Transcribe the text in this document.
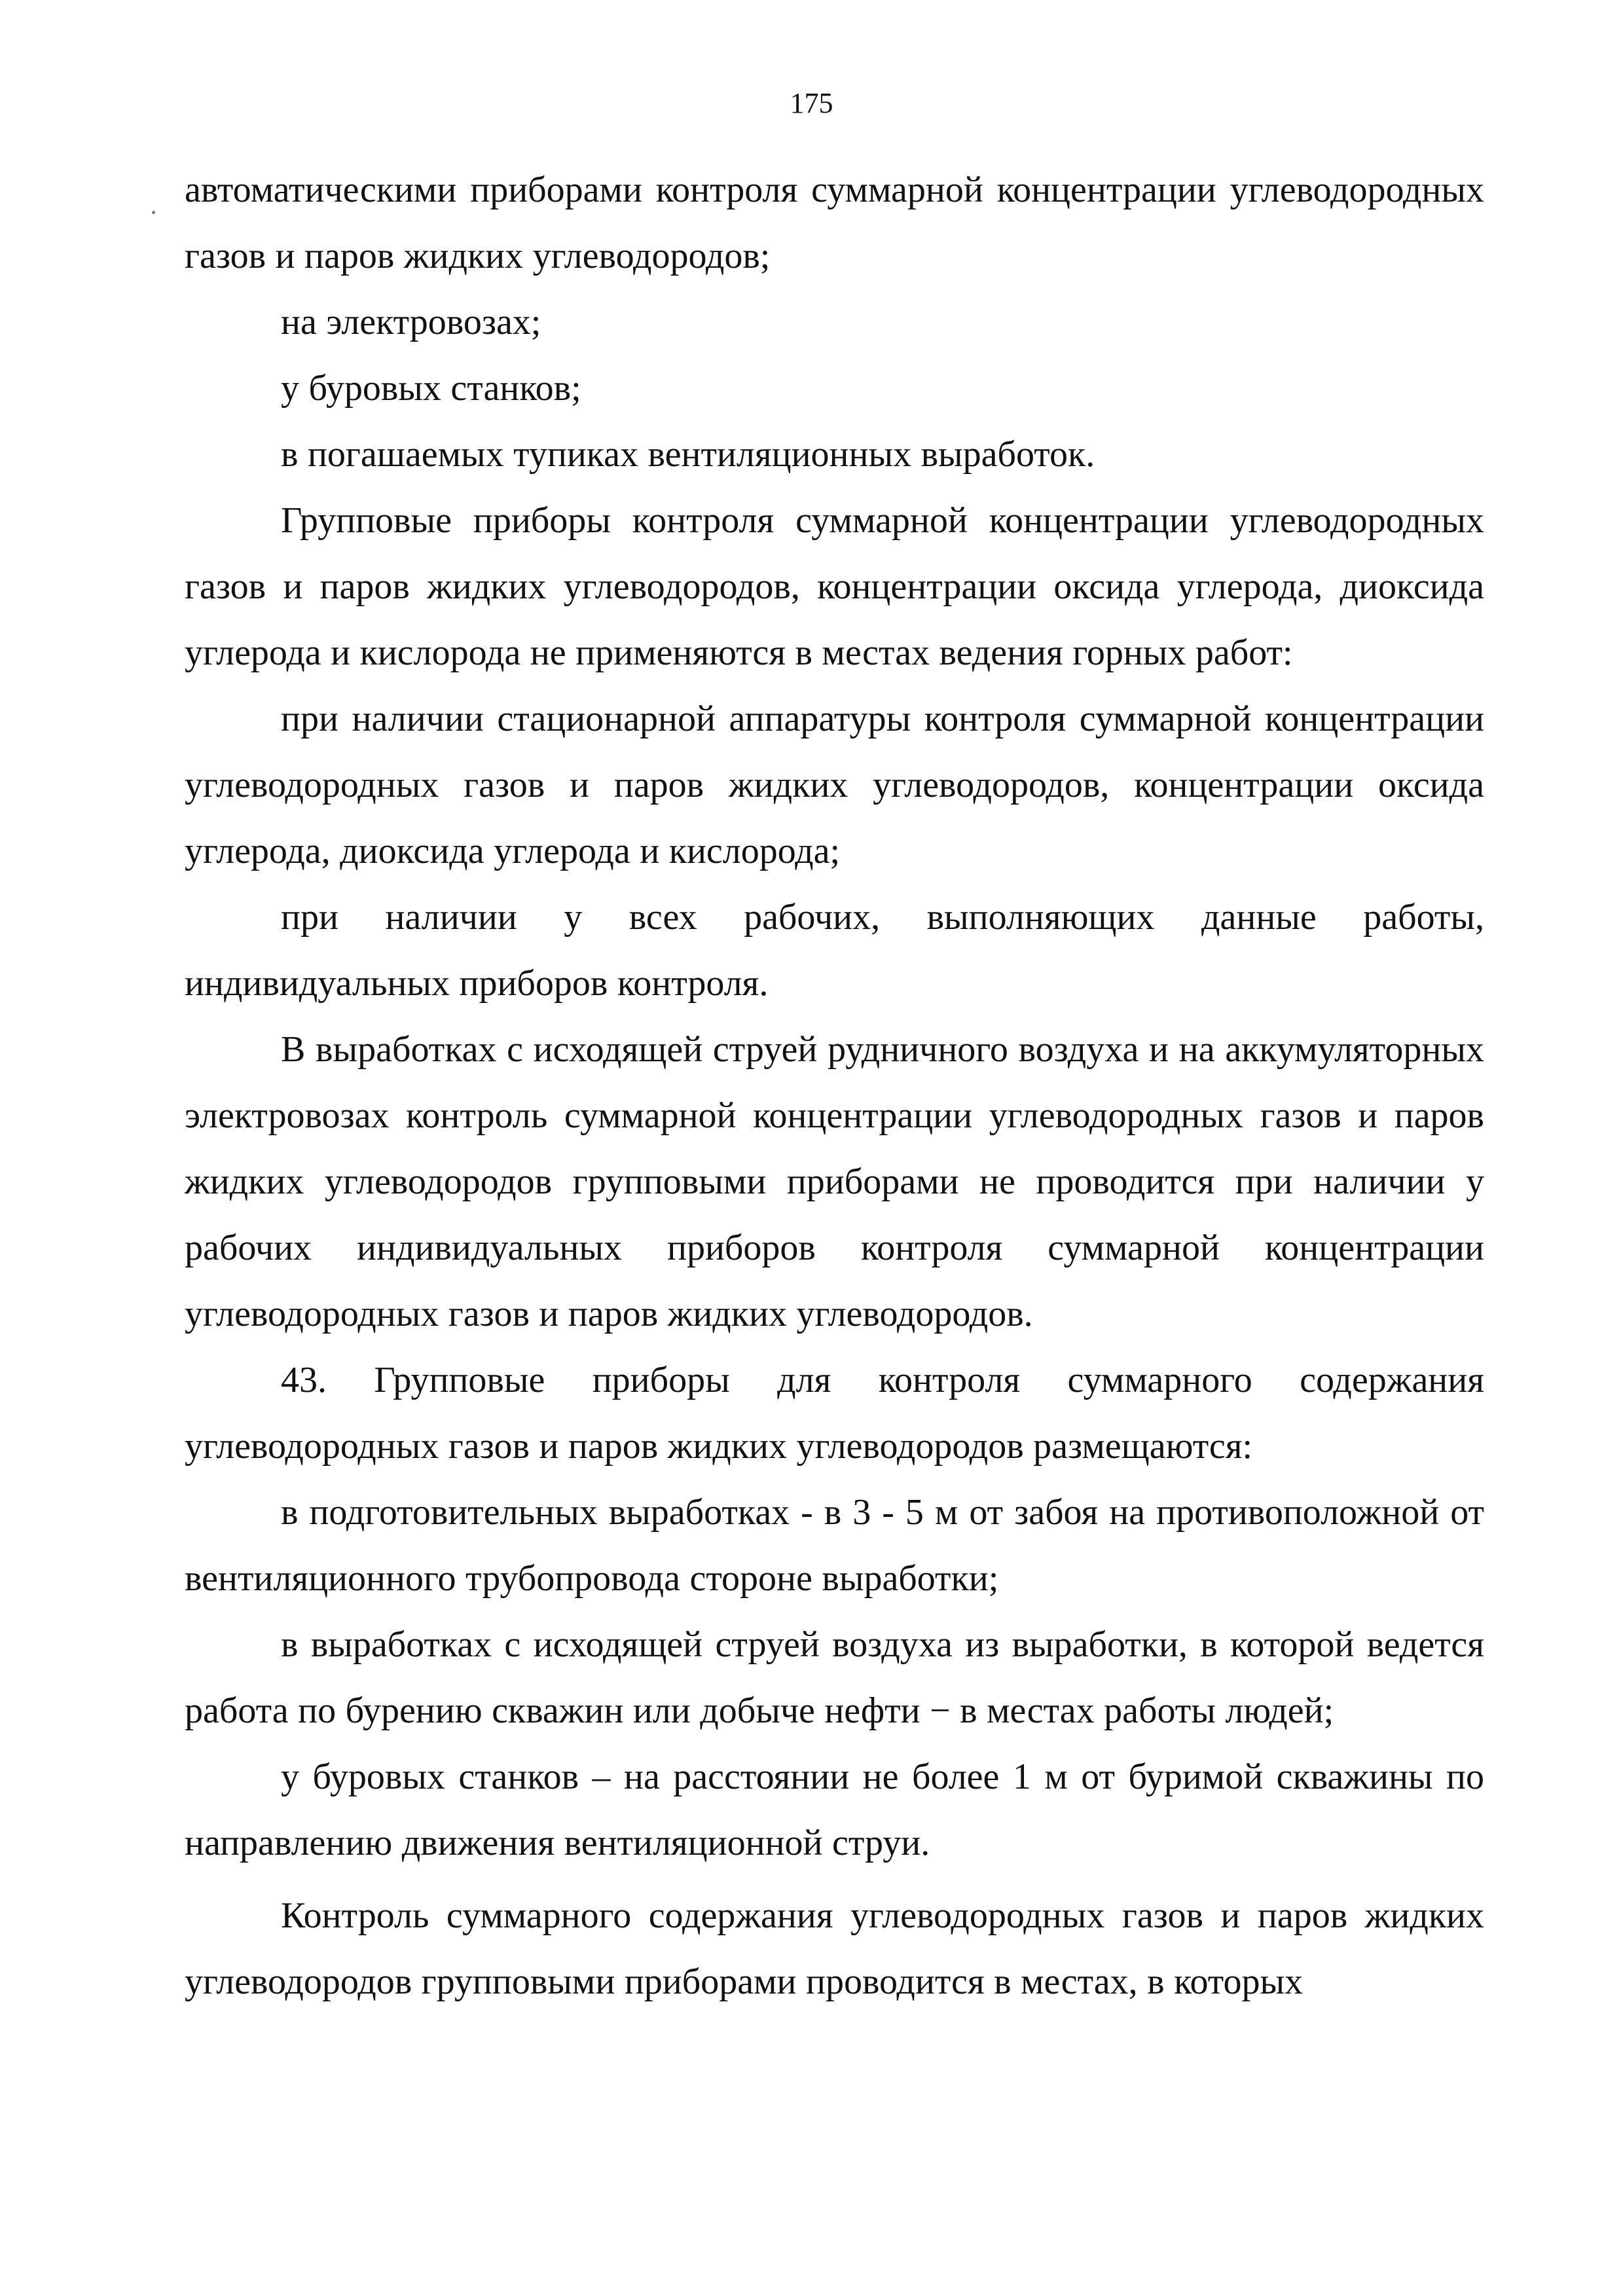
175

автоматическими приборами контроля суммарной концентрации углеводородных газов и паров жидких углеводородов;

на электровозах;

у буровых станков;

в погашаемых тупиках вентиляционных выработок.

Групповые приборы контроля суммарной концентрации углеводородных газов и паров жидких углеводородов, концентрации оксида углерода, диоксида углерода и кислорода не применяются в местах ведения горных работ:

при наличии стационарной аппаратуры контроля суммарной концентрации углеводородных газов и паров жидких углеводородов, концентрации оксида углерода, диоксида углерода и кислорода;

при наличии у всех рабочих, выполняющих данные работы, индивидуальных приборов контроля.

В выработках с исходящей струей рудничного воздуха и на аккумуляторных электровозах контроль суммарной концентрации углеводородных газов и паров жидких углеводородов групповыми приборами не проводится при наличии у рабочих индивидуальных приборов контроля суммарной концентрации углеводородных газов и паров жидких углеводородов.

43. Групповые приборы для контроля суммарного содержания углеводородных газов и паров жидких углеводородов размещаются:

в подготовительных выработках - в 3 - 5 м от забоя на противоположной от вентиляционного трубопровода стороне выработки;

в выработках с исходящей струей воздуха из выработки, в которой ведется работа по бурению скважин или добыче нефти − в местах работы людей;

у буровых станков – на расстоянии не более 1 м от буримой скважины по направлению движения вентиляционной струи.

Контроль суммарного содержания углеводородных газов и паров жидких углеводородов групповыми приборами проводится в местах, в которых
